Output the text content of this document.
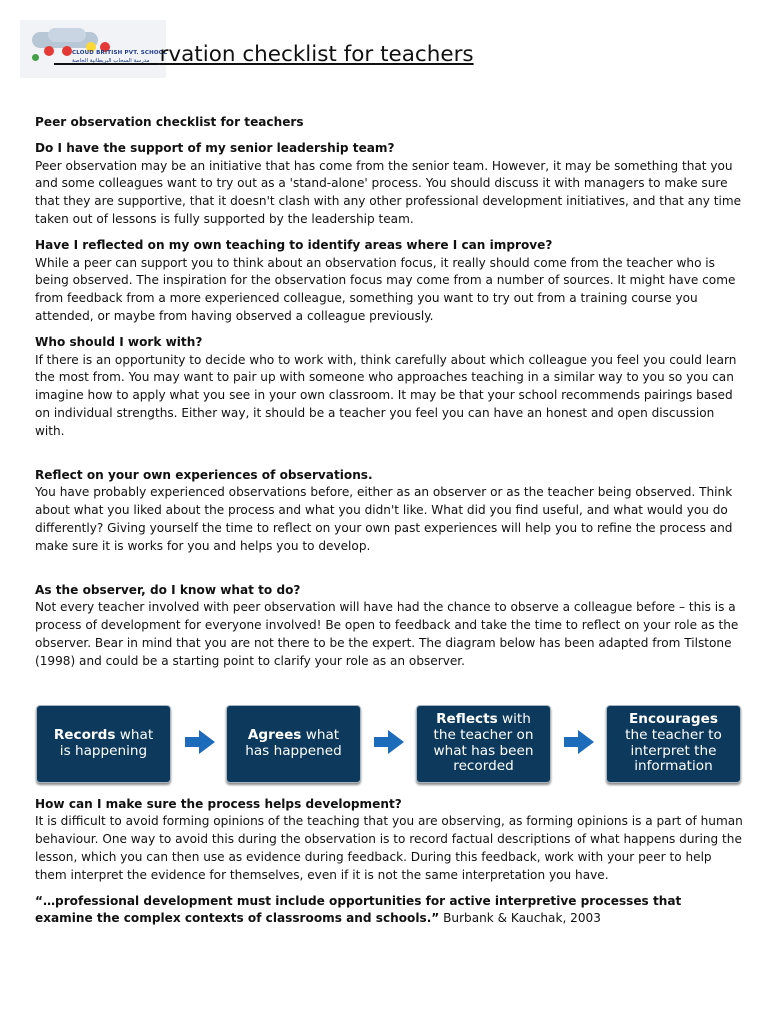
CLOUD BRITISH PVT. SCHOOL
مدرسة السحاب البريطانية الخاصة rvation checklist for teachers
Peer observation checklist for teachers
Do I have the support of my senior leadership team?

Peer observation may be an initiative that has come from the senior team. However, it may be something that you and some colleagues want to try out as a 'stand-alone' process. You should discuss it with managers to make sure that they are supportive, that it doesn't clash with any other professional development initiatives, and that any time taken out of lessons is fully supported by the leadership team.

Have I reflected on my own teaching to identify areas where I can improve?

While a peer can support you to think about an observation focus, it really should come from the teacher who is being observed. The inspiration for the observation focus may come from a number of sources. It might have come from feedback from a more experienced colleague, something you want to try out from a training course you attended, or maybe from having observed a colleague previously.

Who should I work with?

If there is an opportunity to decide who to work with, think carefully about which colleague you feel you could learn the most from. You may want to pair up with someone who approaches teaching in a similar way to you so you can imagine how to apply what you see in your own classroom. It may be that your school recommends pairings based on individual strengths. Either way, it should be a teacher you feel you can have an honest and open discussion with.

Reflect on your own experiences of observations.

You have probably experienced observations before, either as an observer or as the teacher being observed. Think about what you liked about the process and what you didn't like. What did you find useful, and what would you do differently? Giving yourself the time to reflect on your own past experiences will help you to refine the process and make sure it is works for you and helps you to develop.

As the observer, do I know what to do?

Not every teacher involved with peer observation will have had the chance to observe a colleague before – this is a process of development for everyone involved! Be open to feedback and take the time to reflect on your role as the observer. Bear in mind that you are not there to be the expert. The diagram below has been adapted from Tilstone (1998) and could be a starting point to clarify your role as an observer.

Records what
is happening
Agrees what
has happened
Reflects with
the teacher on
what has been
recorded
Encourages
the teacher to
interpret the
information
How can I make sure the process helps development?

It is difficult to avoid forming opinions of the teaching that you are observing, as forming opinions is a part of human behaviour. One way to avoid this during the observation is to record factual descriptions of what happens during the lesson, which you can then use as evidence during feedback. During this feedback, work with your peer to help them interpret the evidence for themselves, even if it is not the same interpretation you have.

“…professional development must include opportunities for active interpretive processes that examine the complex contexts of classrooms and schools.” Burbank & Kauchak, 2003
